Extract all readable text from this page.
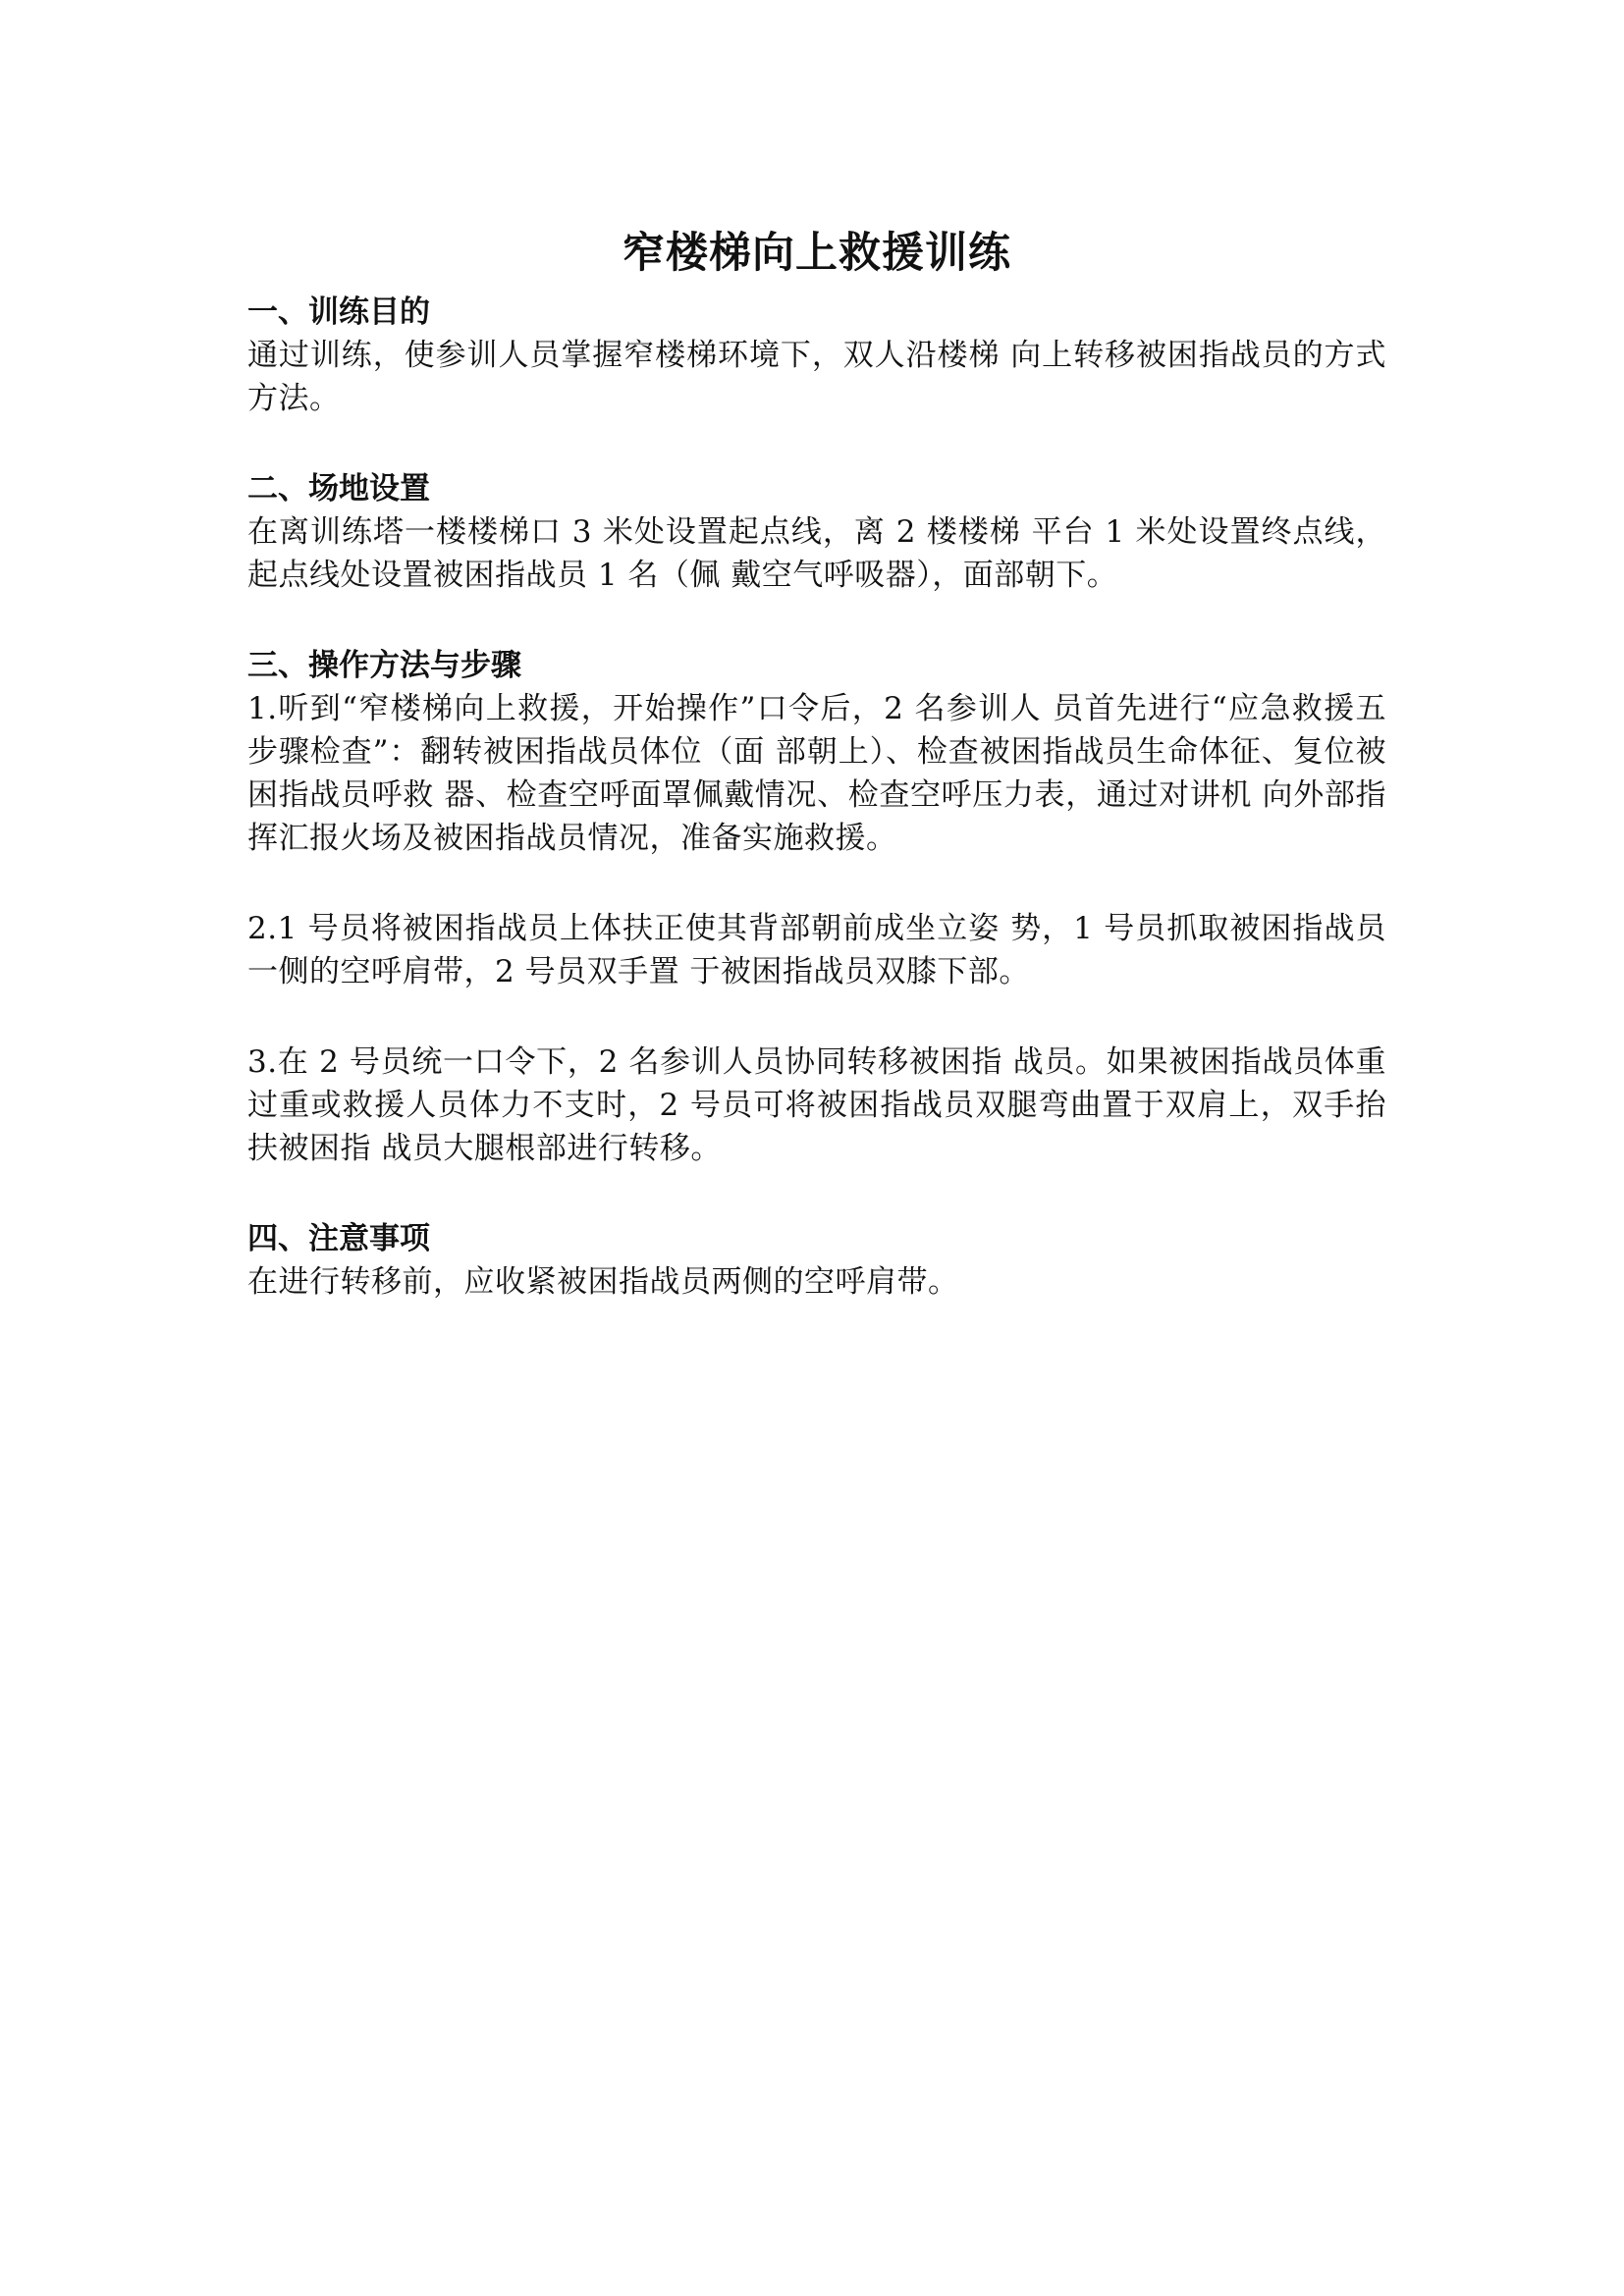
窄楼梯向上救援训练
一、训练目的

通过训练，使参训人员掌握窄楼梯环境下，双人沿楼梯 向上转移被困指战员的方式方法。

二、场地设置

在离训练塔一楼楼梯口 3 米处设置起点线，离 2 楼楼梯 平台 1 米处设置终点线，起点线处设置被困指战员 1 名（佩 戴空气呼吸器），面部朝下。

三、操作方法与步骤

1.听到“窄楼梯向上救援，开始操作”口令后，2 名参训人 员首先进行“应急救援五步骤检查”：翻转被困指战员体位（面 部朝上）、检查被困指战员生命体征、复位被困指战员呼救 器、检查空呼面罩佩戴情况、检查空呼压力表，通过对讲机 向外部指挥汇报火场及被困指战员情况，准备实施救援。

2.1 号员将被困指战员上体扶正使其背部朝前成坐立姿 势，1 号员抓取被困指战员一侧的空呼肩带，2 号员双手置 于被困指战员双膝下部。

3.在 2 号员统一口令下，2 名参训人员协同转移被困指 战员。如果被困指战员体重过重或救援人员体力不支时，2 号员可将被困指战员双腿弯曲置于双肩上，双手抬扶被困指 战员大腿根部进行转移。

四、注意事项

在进行转移前，应收紧被困指战员两侧的空呼肩带。
